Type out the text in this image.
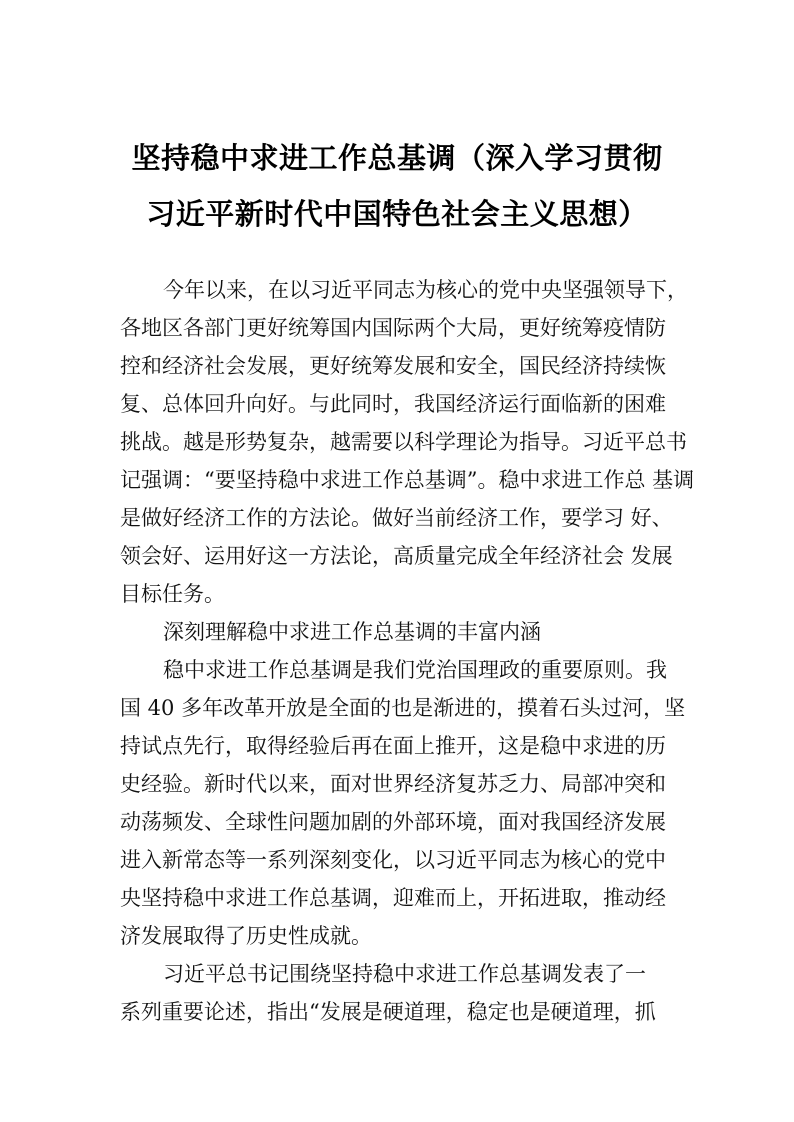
坚持稳中求进工作总基调（深入学习贯彻
习近平新时代中国特色社会主义思想）
今年以来，在以习近平同志为核心的党中央坚强领导下，
各地区各部门更好统筹国内国际两个大局，更好统筹疫情防
控和经济社会发展，更好统筹发展和安全，国民经济持续恢
复、总体回升向好。与此同时，我国经济运行面临新的困难
挑战。越是形势复杂，越需要以科学理论为指导。习近平总书
记强调：“要坚持稳中求进工作总基调”。稳中求进工作总 基调
是做好经济工作的方法论。做好当前经济工作，要学习 好、
领会好、运用好这一方法论，高质量完成全年经济社会 发展
目标任务。
深刻理解稳中求进工作总基调的丰富内涵
稳中求进工作总基调是我们党治国理政的重要原则。我
国 40 多年改革开放是全面的也是渐进的，摸着石头过河，坚
持试点先行，取得经验后再在面上推开，这是稳中求进的历
史经验。新时代以来，面对世界经济复苏乏力、局部冲突和
动荡频发、全球性问题加剧的外部环境，面对我国经济发展
进入新常态等一系列深刻变化，以习近平同志为核心的党中
央坚持稳中求进工作总基调，迎难而上，开拓进取，推动经
济发展取得了历史性成就。
习近平总书记围绕坚持稳中求进工作总基调发表了一
系列重要论述，指出“发展是硬道理，稳定也是硬道理，抓
